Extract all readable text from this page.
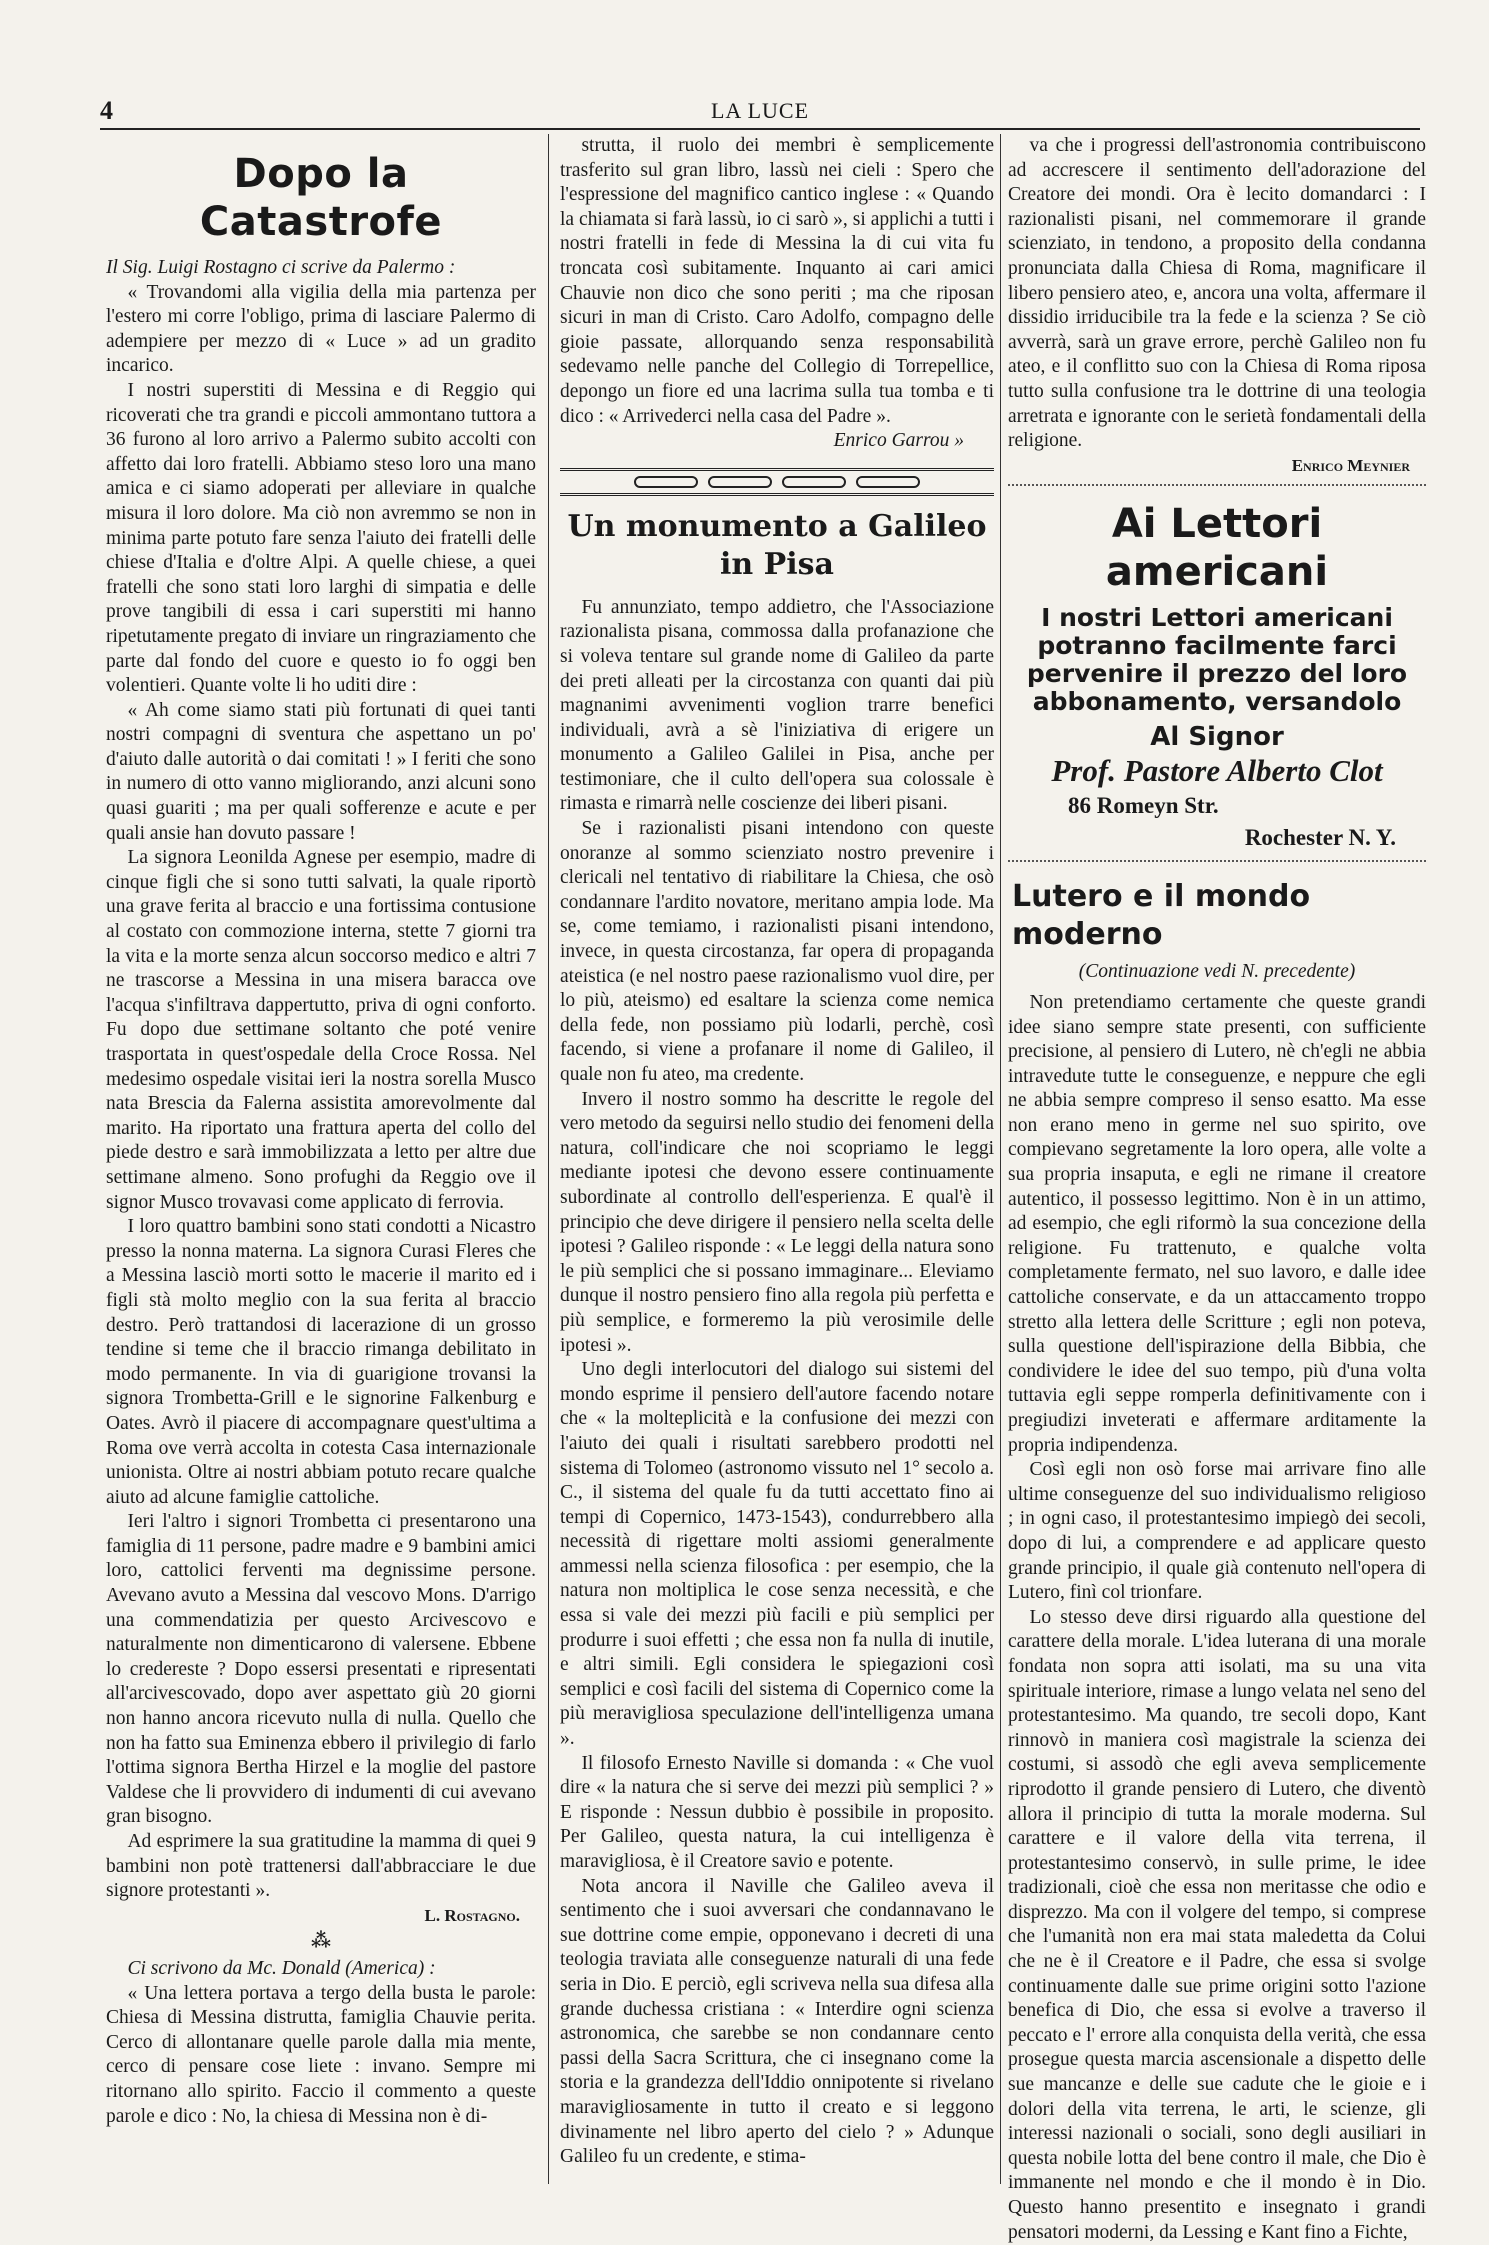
4	LA LUCE
Dopo la Catastrofe

Il Sig. Luigi Rostagno ci scrive da Palermo :

« Trovandomi alla vigilia della mia partenza per l'estero mi corre l'obligo, prima di lasciare Palermo di adempiere per mezzo di « Luce » ad un gradito incarico.

I nostri superstiti di Messina e di Reggio qui ricoverati che tra grandi e piccoli ammontano tuttora a 36 furono al loro arrivo a Palermo subito accolti con affetto dai loro fratelli. Abbiamo steso loro una mano amica e ci siamo adoperati per alleviare in qualche misura il loro dolore. Ma ciò non avremmo se non in minima parte potuto fare senza l'aiuto dei fratelli delle chiese d'Italia e d'oltre Alpi. A quelle chiese, a quei fratelli che sono stati loro larghi di simpatia e delle prove tangibili di essa i cari superstiti mi hanno ripetutamente pregato di inviare un ringraziamento che parte dal fondo del cuore e questo io fo oggi ben volentieri. Quante volte li ho uditi dire :

« Ah come siamo stati più fortunati di quei tanti nostri compagni di sventura che aspettano un po' d'aiuto dalle autorità o dai comitati ! » I feriti che sono in numero di otto vanno migliorando, anzi alcuni sono quasi guariti ; ma per quali sofferenze e acute e per quali ansie han dovuto passare !

La signora Leonilda Agnese per esempio, madre di cinque figli che si sono tutti salvati, la quale riportò una grave ferita al braccio e una fortissima contusione al costato con commozione interna, stette 7 giorni tra la vita e la morte senza alcun soccorso medico e altri 7 ne trascorse a Messina in una misera baracca ove l'acqua s'infiltrava dappertutto, priva di ogni conforto. Fu dopo due settimane soltanto che poté venire trasportata in quest'ospedale della Croce Rossa. Nel medesimo ospedale visitai ieri la nostra sorella Musco nata Brescia da Falerna assistita amorevolmente dal marito. Ha riportato una frattura aperta del collo del piede destro e sarà immobilizzata a letto per altre due settimane almeno. Sono profughi da Reggio ove il signor Musco trovavasi come applicato di ferrovia.

I loro quattro bambini sono stati condotti a Nicastro presso la nonna materna. La signora Curasi Fleres che a Messina lasciò morti sotto le macerie il marito ed i figli stà molto meglio con la sua ferita al braccio destro. Però trattandosi di lacerazione di un grosso tendine si teme che il braccio rimanga debilitato in modo permanente. In via di guarigione trovansi la signora Trombetta-Grill e le signorine Falkenburg e Oates. Avrò il piacere di accompagnare quest'ultima a Roma ove verrà accolta in cotesta Casa internazionale unionista. Oltre ai nostri abbiam potuto recare qualche aiuto ad alcune famiglie cattoliche.

Ieri l'altro i signori Trombetta ci presentarono una famiglia di 11 persone, padre madre e 9 bambini amici loro, cattolici ferventi ma degnissime persone. Avevano avuto a Messina dal vescovo Mons. D'arrigo una commendatizia per questo Arcivescovo e naturalmente non dimenticarono di valersene. Ebbene lo credereste ? Dopo essersi presentati e ripresentati all'arcivescovado, dopo aver aspettato giù 20 giorni non hanno ancora ricevuto nulla di nulla. Quello che non ha fatto sua Eminenza ebbero il privilegio di farlo l'ottima signora Bertha Hirzel e la moglie del pastore Valdese che li provvidero di indumenti di cui avevano gran bisogno.

Ad esprimere la sua gratitudine la mamma di quei 9 bambini non potè trattenersi dall'abbracciare le due signore protestanti ».

L. Rostagno.

⁂

Ci scrivono da Mc. Donald (America) :

« Una lettera portava a tergo della busta le parole: Chiesa di Messina distrutta, famiglia Chauvie perita. Cerco di allontanare quelle parole dalla mia mente, cerco di pensare cose liete : invano. Sempre mi ritornano allo spirito. Faccio il commento a queste parole e dico : No, la chiesa di Messina non è di-

strutta, il ruolo dei membri è semplicemente trasferito sul gran libro, lassù nei cieli : Spero che l'espressione del magnifico cantico inglese : « Quando la chiamata si farà lassù, io ci sarò », si applichi a tutti i nostri fratelli in fede di Messina la di cui vita fu troncata così subitamente. Inquanto ai cari amici Chauvie non dico che sono periti ; ma che riposan sicuri in man di Cristo. Caro Adolfo, compagno delle gioie passate, allorquando senza responsabilità sedevamo nelle panche del Collegio di Torrepellice, depongo un fiore ed una lacrima sulla tua tomba e ti dico : « Arrivederci nella casa del Padre ».

Enrico Garrou »

Un monumento a Galileo in Pisa

Fu annunziato, tempo addietro, che l'Associazione razionalista pisana, commossa dalla profanazione che si voleva tentare sul grande nome di Galileo da parte dei preti alleati per la circostanza con quanti dai più magnanimi avvenimenti voglion trarre benefici individuali, avrà a sè l'iniziativa di erigere un monumento a Galileo Galilei in Pisa, anche per testimoniare, che il culto dell'opera sua colossale è rimasta e rimarrà nelle coscienze dei liberi pisani.

Se i razionalisti pisani intendono con queste onoranze al sommo scienziato nostro prevenire i clericali nel tentativo di riabilitare la Chiesa, che osò condannare l'ardito novatore, meritano ampia lode. Ma se, come temiamo, i razionalisti pisani intendono, invece, in questa circostanza, far opera di propaganda ateistica (e nel nostro paese razionalismo vuol dire, per lo più, ateismo) ed esaltare la scienza come nemica della fede, non possiamo più lodarli, perchè, così facendo, si viene a profanare il nome di Galileo, il quale non fu ateo, ma credente.

Invero il nostro sommo ha descritte le regole del vero metodo da seguirsi nello studio dei fenomeni della natura, coll'indicare che noi scopriamo le leggi mediante ipotesi che devono essere continuamente subordinate al controllo dell'esperienza. E qual'è il principio che deve dirigere il pensiero nella scelta delle ipotesi ? Galileo risponde : « Le leggi della natura sono le più semplici che si possano immaginare... Eleviamo dunque il nostro pensiero fino alla regola più perfetta e più semplice, e formeremo la più verosimile delle ipotesi ».

Uno degli interlocutori del dialogo sui sistemi del mondo esprime il pensiero dell'autore facendo notare che « la molteplicità e la confusione dei mezzi con l'aiuto dei quali i risultati sarebbero prodotti nel sistema di Tolomeo (astronomo vissuto nel 1° secolo a. C., il sistema del quale fu da tutti accettato fino ai tempi di Copernico, 1473-1543), condurrebbero alla necessità di rigettare molti assiomi generalmente ammessi nella scienza filosofica : per esempio, che la natura non moltiplica le cose senza necessità, e che essa si vale dei mezzi più facili e più semplici per produrre i suoi effetti ; che essa non fa nulla di inutile, e altri simili. Egli considera le spiegazioni così semplici e così facili del sistema di Copernico come la più meravigliosa speculazione dell'intelligenza umana ».

Il filosofo Ernesto Naville si domanda : « Che vuol dire « la natura che si serve dei mezzi più semplici ? » E risponde : Nessun dubbio è possibile in proposito. Per Galileo, questa natura, la cui intelligenza è maravigliosa, è il Creatore savio e potente.

Nota ancora il Naville che Galileo aveva il sentimento che i suoi avversari che condannavano le sue dottrine come empie, opponevano i decreti di una teologia traviata alle conseguenze naturali di una fede seria in Dio. E perciò, egli scriveva nella sua difesa alla grande duchessa cristiana : « Interdire ogni scienza astronomica, che sarebbe se non condannare cento passi della Sacra Scrittura, che ci insegnano come la storia e la grandezza dell'Iddio onnipotente si rivelano maravigliosamente in tutto il creato e si leggono divinamente nel libro aperto del cielo ? » Adunque Galileo fu un credente, e stima-

va che i progressi dell'astronomia contribuiscono ad accrescere il sentimento dell'adorazione del Creatore dei mondi. Ora è lecito domandarci : I razionalisti pisani, nel commemorare il grande scienziato, in tendono, a proposito della condanna pronunciata dalla Chiesa di Roma, magnificare il libero pensiero ateo, e, ancora una volta, affermare il dissidio irriducibile tra la fede e la scienza ? Se ciò avverrà, sarà un grave errore, perchè Galileo non fu ateo, e il conflitto suo con la Chiesa di Roma riposa tutto sulla confusione tra le dottrine di una teologia arretrata e ignorante con le serietà fondamentali della religione.

Enrico Meynier

Ai Lettori americani
I nostri Lettori americani potranno facilmente farci pervenire il prezzo del loro abbonamento, versandolo
Al Signor
Prof. Pastore Alberto Clot
86 Romeyn Str.
Rochester N. Y.
Lutero e il mondo moderno

(Continuazione vedi N. precedente)

Non pretendiamo certamente che queste grandi idee siano sempre state presenti, con sufficiente precisione, al pensiero di Lutero, nè ch'egli ne abbia intravedute tutte le conseguenze, e neppure che egli ne abbia sempre compreso il senso esatto. Ma esse non erano meno in germe nel suo spirito, ove compievano segretamente la loro opera, alle volte a sua propria insaputa, e egli ne rimane il creatore autentico, il possesso legittimo. Non è in un attimo, ad esempio, che egli riformò la sua concezione della religione. Fu trattenuto, e qualche volta completamente fermato, nel suo lavoro, e dalle idee cattoliche conservate, e da un attaccamento troppo stretto alla lettera delle Scritture ; egli non poteva, sulla questione dell'ispirazione della Bibbia, che condividere le idee del suo tempo, più d'una volta tuttavia egli seppe romperla definitivamente con i pregiudizi inveterati e affermare arditamente la propria indipendenza.

Così egli non osò forse mai arrivare fino alle ultime conseguenze del suo individualismo religioso ; in ogni caso, il protestantesimo impiegò dei secoli, dopo di lui, a comprendere e ad applicare questo grande principio, il quale già contenuto nell'opera di Lutero, finì col trionfare.

Lo stesso deve dirsi riguardo alla questione del carattere della morale. L'idea luterana di una morale fondata non sopra atti isolati, ma su una vita spirituale interiore, rimase a lungo velata nel seno del protestantesimo. Ma quando, tre secoli dopo, Kant rinnovò in maniera così magistrale la scienza dei costumi, si assodò che egli aveva semplicemente riprodotto il grande pensiero di Lutero, che diventò allora il principio di tutta la morale moderna. Sul carattere e il valore della vita terrena, il protestantesimo conservò, in sulle prime, le idee tradizionali, cioè che essa non meritasse che odio e disprezzo. Ma con il volgere del tempo, si comprese che l'umanità non era mai stata maledetta da Colui che ne è il Creatore e il Padre, che essa si svolge continuamente dalle sue prime origini sotto l'azione benefica di Dio, che essa si evolve a traverso il peccato e l' errore alla conquista della verità, che essa prosegue questa marcia ascensionale a dispetto delle sue mancanze e delle sue cadute che le gioie e i dolori della vita terrena, le arti, le scienze, gli interessi nazionali o sociali, sono degli ausiliari in questa nobile lotta del bene contro il male, che Dio è immanente nel mondo e che il mondo è in Dio. Questo hanno presentito e insegnato i grandi pensatori moderni, da Lessing e Kant fino a Fichte,
